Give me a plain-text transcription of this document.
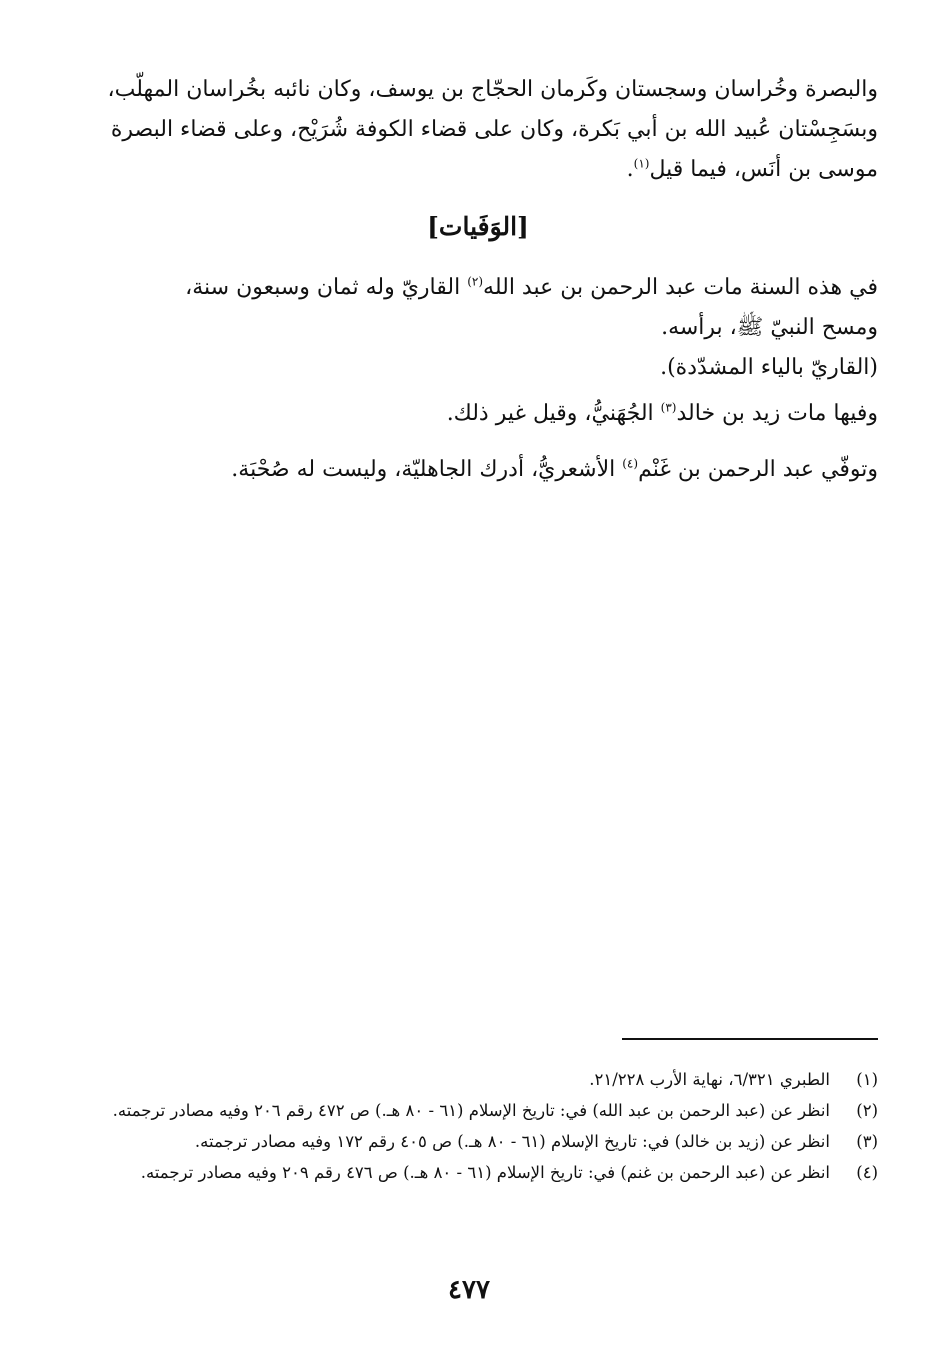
والبصرة وخُراسان وسجستان وكَرمان الحجّاج بن يوسف، وكان نائبه بخُراسان المهلّب،

وبسَجِسْتان عُبيد الله بن أبي بَكرة، وكان على قضاء الكوفة شُرَيْح، وعلى قضاء البصرة

موسى بن أنَس، فيما قيل$^{(١)}$.

[الوَفَيات]

في هذه السنة مات عبد الرحمن بن عبد الله$^{(٢)}$ القاريّ وله ثمان وسبعون سنة،

ومسح النبيّ ﷺ، برأسه.

(القاريّ بالياء المشدّدة).

وفيها مات زيد بن خالد$^{(٣)}$ الجُهَنيُّ، وقيل غير ذلك.

وتوفّي عبد الرحمن بن غَنْم$^{(٤)}$ الأشعريُّ، أدرك الجاهليّة، وليست له صُحْبَة.

(١)
الطبري ٦/٣٢١، نهاية الأرب ٢١/٢٢٨.
(٢)
انظر عن (عبد الرحمن بن عبد الله) في: تاريخ الإسلام (٦١ - ٨٠ هـ.) ص ٤٧٢ رقم ٢٠٦ وفيه مصادر ترجمته.
(٣)
انظر عن (زيد بن خالد) في: تاريخ الإسلام (٦١ - ٨٠ هـ.) ص ٤٠٥ رقم ١٧٢ وفيه مصادر ترجمته.
(٤)
انظر عن (عبد الرحمن بن غنم) في: تاريخ الإسلام (٦١ - ٨٠ هـ.) ص ٤٧٦ رقم ٢٠٩ وفيه مصادر ترجمته.
٤٧٧
